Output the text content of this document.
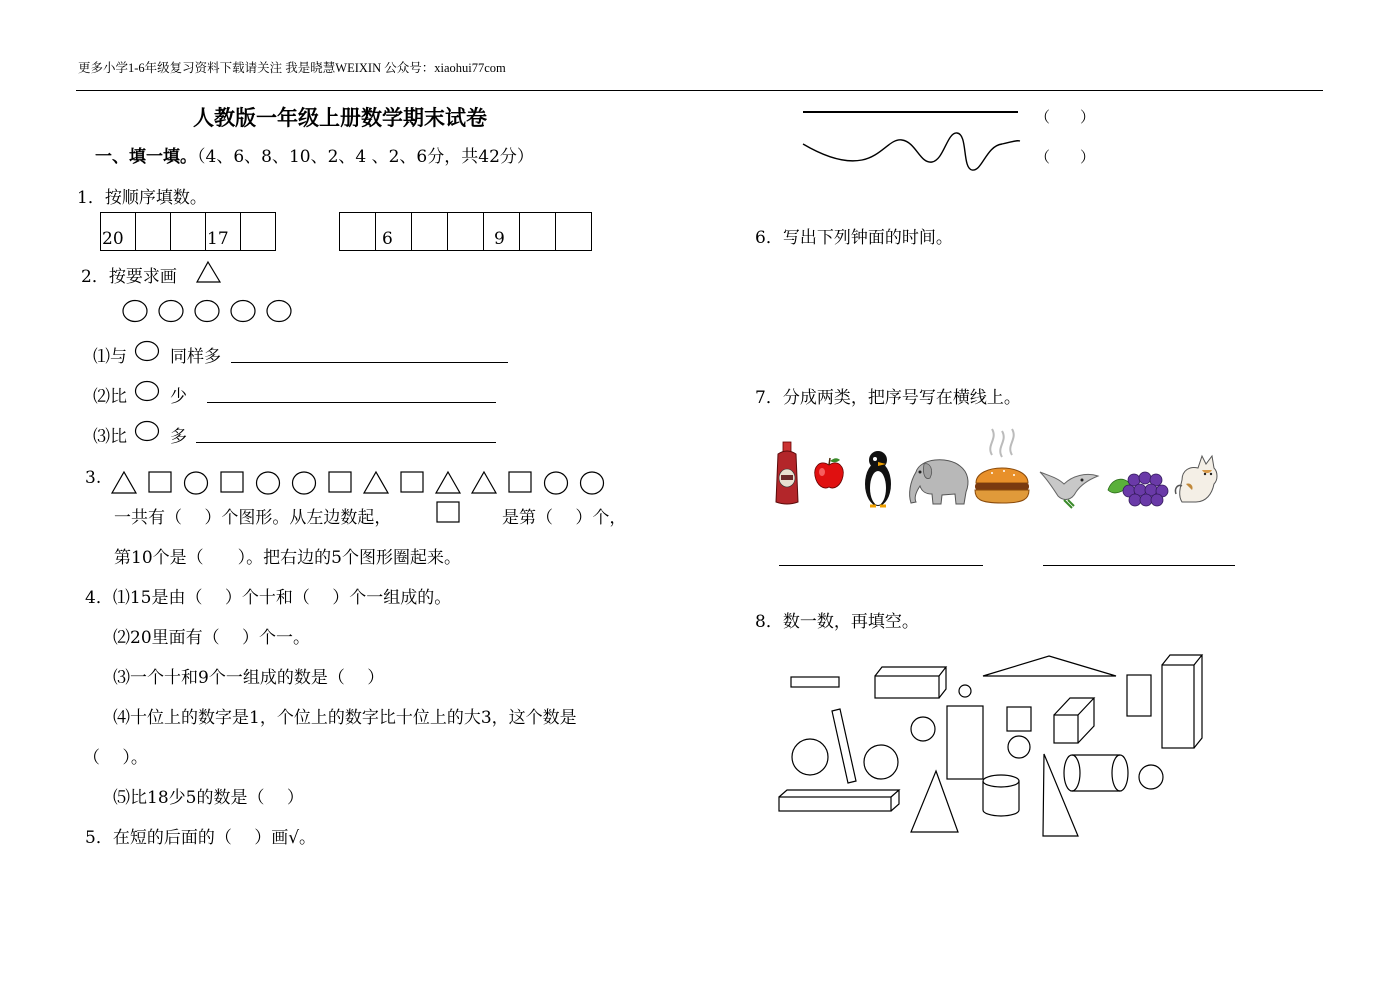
更多小学1-6年级复习资料下载请关注 我是晓慧WEIXIN 公众号：xiaohui77com
人教版一年级上册数学期末试卷
一、填一填。（4、6、8、10、2、4 、2、6分，共42分）
1．按顺序填数。
20	17	6	9
2．按要求画
⑴与	同样多
⑵比	少
⑶比	多
3.
一共有（　 ）个图形。从左边数起，	是第（　 ）个，
第10个是（　　）。把右边的5个图形圈起来。
4．⑴15是由（　 ）个十和（　 ）个一组成的。
⑵20里面有（　 ）个一。
⑶一个十和9个一组成的数是（　 ）
⑷十位上的数字是1，个位上的数字比十位上的大3，这个数是
（　 ）。
⑸比18少5的数是（　 ）
5．在短的后面的（　 ）画√。
（　　）
（　　）
6．写出下列钟面的时间。
7．分成两类，把序号写在横线上。
8．数一数，再填空。
